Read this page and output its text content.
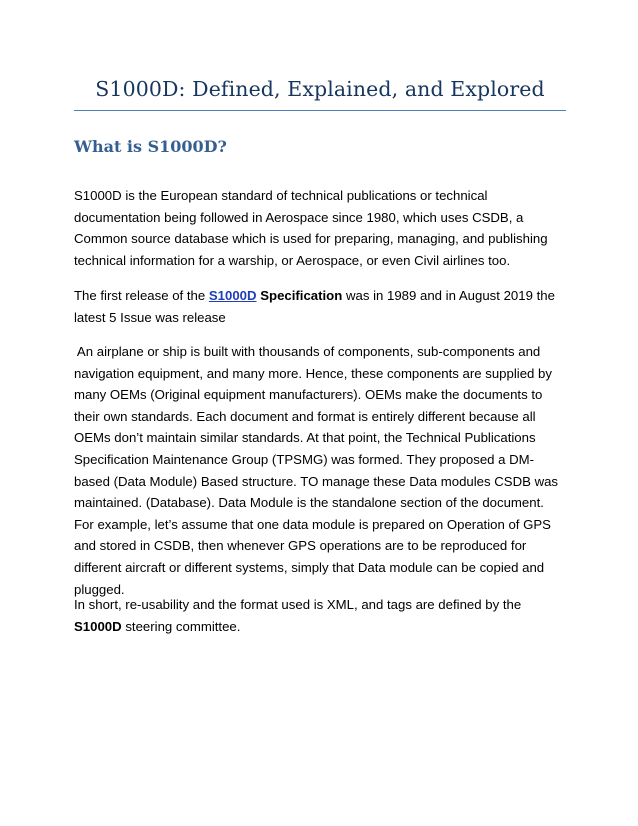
S1000D: Defined, Explained, and Explored
What is S1000D?

S1000D is the European standard of technical publications or technical
documentation being followed in Aerospace since 1980, which uses CSDB, a
Common source database which is used for preparing, managing, and publishing
technical information for a warship, or Aerospace, or even Civil airlines too.

The first release of the S1000D Specification was in 1989 and in August 2019 the
latest 5 Issue was release

An airplane or ship is built with thousands of components, sub-components and
navigation equipment, and many more. Hence, these components are supplied by
many OEMs (Original equipment manufacturers). OEMs make the documents to
their own standards. Each document and format is entirely different because all
OEMs don’t maintain similar standards. At that point, the Technical Publications
Specification Maintenance Group (TPSMG) was formed. They proposed a DM-
based (Data Module) Based structure. TO manage these Data modules CSDB was
maintained. (Database). Data Module is the standalone section of the document.
For example, let’s assume that one data module is prepared on Operation of GPS
and stored in CSDB, then whenever GPS operations are to be reproduced for
different aircraft or different systems, simply that Data module can be copied and
plugged.

In short, re-usability and the format used is XML, and tags are defined by the
S1000D steering committee.
